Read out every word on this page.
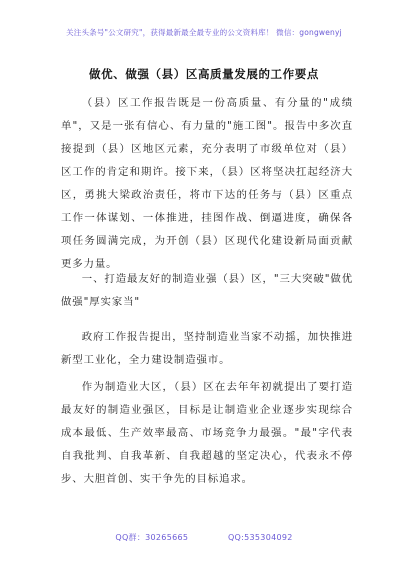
关注头条号"公文研究"，获得最新最全最专业的公文资料库！ 微信：gongwenyj
做优、做强（县）区高质量发展的工作要点

（县）区工作报告既是一份高质量、有分量的"成绩单"，又是一张有信心、有力量的"施工图"。报告中多次直接提到（县）区地区元素，充分表明了市级单位对（县）区工作的肯定和期许。接下来，（县）区将坚决扛起经济大区，勇挑大梁政治责任，将市下达的任务与（县）区重点工作一体谋划、一体推进，挂图作战、倒逼进度，确保各项任务圆满完成，为开创（县）区现代化建设新局面贡献更多力量。

一、打造最友好的制造业强（县）区，"三大突破"做优做强"厚实家当"

政府工作报告提出，坚持制造业当家不动摇，加快推进新型工业化，全力建设制造强市。

作为制造业大区，（县）区在去年年初就提出了要打造最友好的制造业强区，目标是让制造业企业逐步实现综合成本最低、生产效率最高、市场竞争力最强。"最"字代表自我批判、自我革新、自我超越的坚定决心，代表永不停步、大胆首创、实干争先的目标追求。

QQ群：30265665	QQ:535304092
